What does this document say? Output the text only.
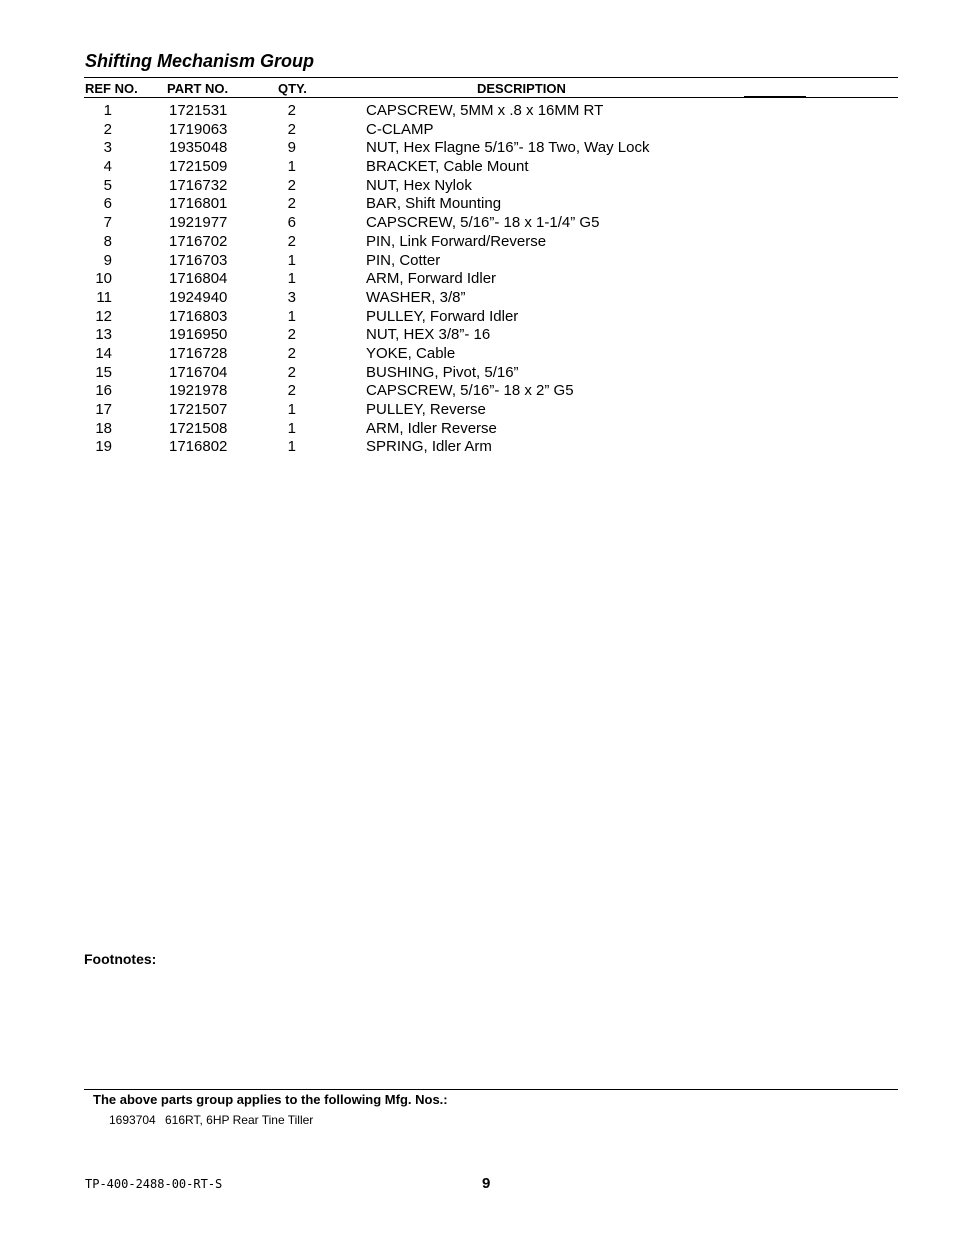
Shifting Mechanism Group
REF NO. PART NO.	QTY.	DESCRIPTION
1	1721531	2	CAPSCREW, 5MM x .8 x 16MM RT
2	1719063	2	C-CLAMP
3	1935048	9	NUT, Hex Flagne 5/16”- 18 Two, Way Lock
4	1721509	1	BRACKET, Cable Mount
5	1716732	2	NUT, Hex Nylok
6	1716801	2	BAR, Shift Mounting
7	1921977	6	CAPSCREW, 5/16”- 18 x 1-1/4” G5
8	1716702	2	PIN, Link Forward/Reverse
9	1716703	1	PIN, Cotter
10	1716804	1	ARM, Forward Idler
11	1924940	3	WASHER, 3/8”
12	1716803	1	PULLEY, Forward Idler
13	1916950	2	NUT, HEX 3/8”- 16
14	1716728	2	YOKE, Cable
15	1716704	2	BUSHING, Pivot, 5/16”
16	1921978	2	CAPSCREW, 5/16”- 18 x 2” G5
17	1721507	1	PULLEY, Reverse
18	1721508	1	ARM, Idler Reverse
19	1716802	1	SPRING, Idler Arm
Footnotes:
The above parts group applies to the following Mfg. Nos.:
1693704 616RT, 6HP Rear Tine Tiller
TP-400-2488-00-RT-S	9
